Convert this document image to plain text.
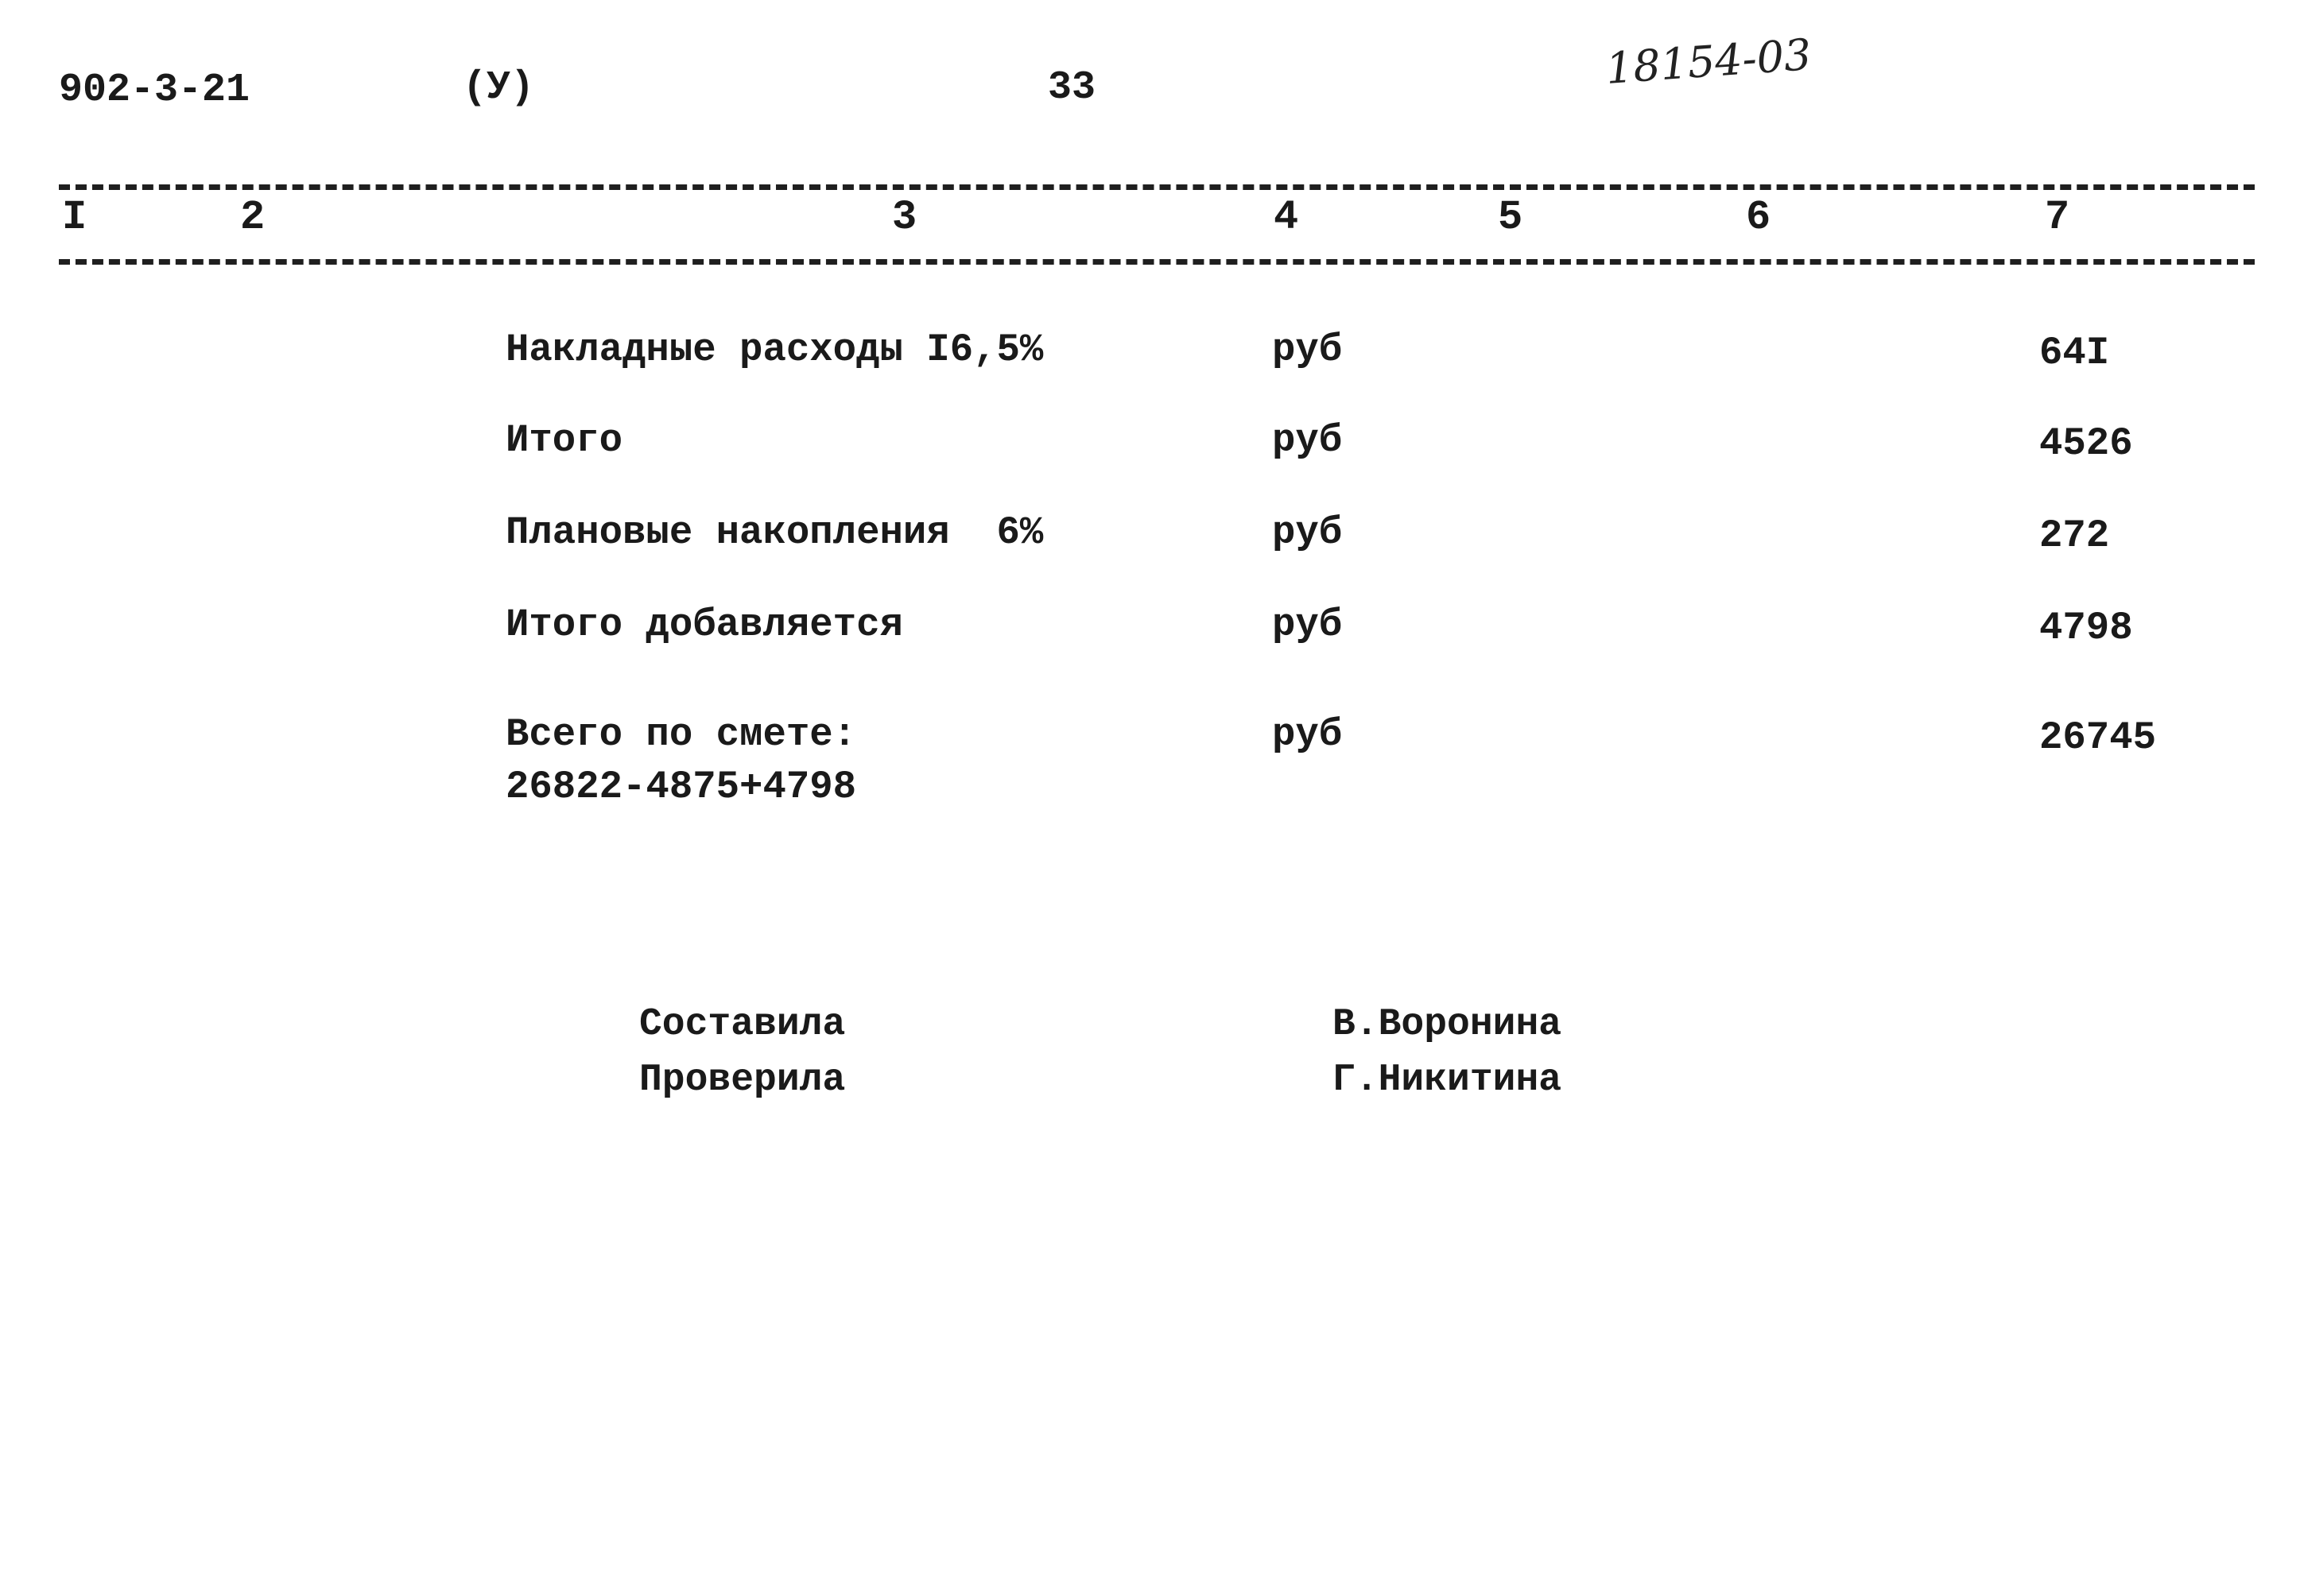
902-3-21	(У)	33	18154-03
I	2	3	4	5	6	7
Накладные расходы I6,5%	руб	64I
Итого	руб	4526
Плановые накопления  6%	руб	272
Итого добавляется	руб	4798
Всего по смете:
26822-4875+4798
руб	26745
Составила	В.Воронина
Проверила	Г.Никитина
